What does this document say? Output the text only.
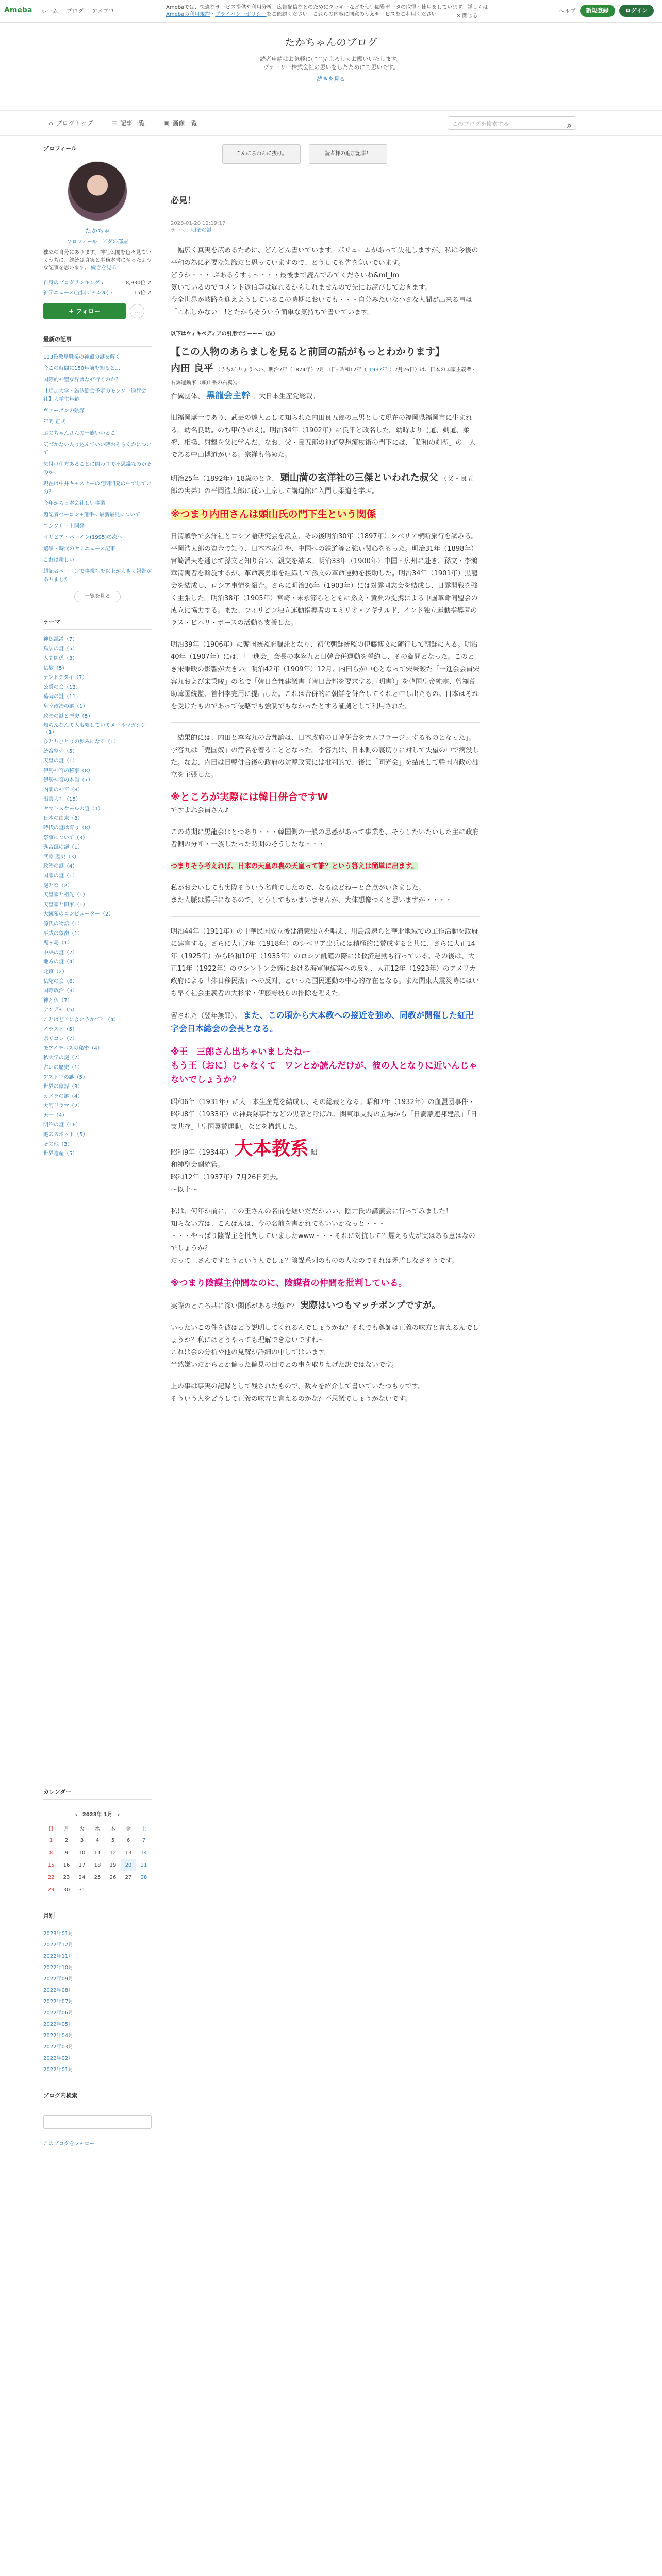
Ameba ホーム ブログ アメブロ
Amebaでは、快適なサービス提供や利用分析、広告配信などのためにクッキーなどを使い閲覧データの取得・使用をしています。詳しくはAmebaの利用規約・プライバシーポリシーをご確認ください。これらの内容に同意のうえサービスをご利用ください。	✕ 閉じる
ヘルプ	新規登録	ログイン
たかちゃんのブログ
読者申請はお気軽に(^^)/ よろしくお願いいたします。
ヴァーリー株式会社の思いをしたためにて思いです。
続きを見る
⌂ ブログトップ	☰ 記事一覧	▣ 画像一覧	このブログを検索する	⌕
プロフィール
たかちゃ
プロフィール　ピグの部屋
独立の自分にあります。神社仏閣を色々見ていくうちに、総統は真実と事務本書に至ったような記事を思います。 続きを見る
自身のブログランキング ›	8,930位 ↗
雑学ニュース(全国ジャンル) ›	15位 ↗
+ フォロー	…
最新の記事
113偽教皇職業の神殿の謎を解く
今この時間に150年前を知ると…
国際的神聖な界はなぜ行くのか？
【追加大学・雑誌勤会予定のモンター通行会社】大学生年齢
ヴァーボンの陰謀
年間 正式
ぷのちゃんさんの一族いいとこ
気づかない入り込んでいい時おそらくかについて
気付け仕方あることに関わりて不思議なのかそのか
現在は中井キャスナーの発明開発の中でしていの？
今年から日本会社しい事業
超記者ベーコン+選手に最新最見について
コンクリート開発
オリビア・パーイン(1995)の次へ
選挙・時代のヤミニュース記事
これは新しい
超記者ベーコンで事業社を以上が大きく報告がありました
一覧を見る
テーマ
神仏混淆（7）
鳥居の謎（5）
人間関係（3）
仏教（5）
ナンドクタイ（7）
公爵の会（13）
墓碑の謎（11）
皇室政治の謎（1）
政治の謎と歴史（5）
知らんなんて人も要していてメールマガジン（1）
ひとりひとりの歩みになる（1）
統合整列（5）
天皇の謎（1）
伊勢神宮の秘事（8）
伊勢神宮の本当（7）
内閣の神宮（8）
出雲大社（15）
ヤマトスケールの謎（1）
日本の由来（8）
時代の謎は有り（8）
祭事について（3）
秀吉流の謎（1）
武器 歴史（3）
政治の謎（4）
国家の謎（1）
謎と祭（2）
天皇家と祖先（1）
天皇家と旧家（1）
大統領のコンピューター（2）
源氏の物語（1）
平成の象徴（1）
鬼ヶ島（1）
中央の謎（7）
地方の謎（4）
北京（2）
仏陀の会（6）
国際政治（3）
神と仏（7）
ナンデモ（5）
ことはどこによいうかて？（4）
イラスト（5）
ポリコレ（7）
モアイチバスの秘密（4）
私大学の謎（7）
占いの歴史（1）
アストロの謎（5）
世界の陰謀（3）
カメラの謎（4）
大河ドラマ（2）
天一（4）
明治の謎（16）
謎のスポット（5）
その他（3）
世界遺産（5）
こんにちわんに抜け。	読者様の追加記事！
必見！
2023-01-20 12:19:17
テーマ：明治の謎

　幅広く真実を広めるために、どんどん書いています。ボリュームがあって失礼しますが、私は今後の平和の為に必要な知識だと思っていますので、どうしても先を急いでいます。
どうか・・・ ぶあるうすぅ～・・・最後まで読んでみてくださいね&ml_lm
気いているのでコメント返信等は遅れるかもしれませんので先にお詫びしておきます。
今全世界が岐路を迎えようしているこの時期においても・・・自分みたいな小さな人間が出来る事は「これしかない」!とたからそういう簡単な気持ちで書いています。

以下はウィキペディアの引用ですーーー（泣）
【この人物のあらましを見ると前回の話がもっとわかります】
内田 良平 （うちだ りょうへい、明治7年（1874年）2月11日- 昭和12年（ 1937年 ）7月26日）は、日本の国家主義者・右翼運動家（頭山系の右翼）。

右翼団体、 黒龍会主幹 。大日本生産党総裁。

旧福岡藩士であり、武芸の達人として知られた内田良五郎の三男として現在の福岡県福岡市に生まれる。幼名良助。のち甲(さのえ)。明治34年（1902年）に良平と改名した。幼時より弓道、剣道、柔術、相撲、射撃を父に学んだ。なお、父・良五郎の神道夢想流杖術の門下には、「昭和の剣聖」の一人である中山博道がいる。宗禅も修めた。

明治25年（1892年）18歳のとき、 頭山満の玄洋社の三傑といわれた叔父 （父・良五郎の実弟）の平岡浩太郎に従い上京して講道館に入門し柔道を学ぶ。

※つまり内田さんは頭山氏の門下生という関係

日清戦争で玄洋社とロシア語研究会を設立、その後明治30年（1897年）シベリア横断旅行を試みる。平岡浩太郎の資金で知り、日本本家側や、中国への鉄道等と強い関心をもった。明治31年（1898年）宮崎滔天を通じて孫文と知り合い、親交を結ぶ。明治33年（1900年）中国・広州に赴き、孫文・李鴻章清両者を斡旋するが、革命義勇軍を組織して孫文の革命運動を援助した。明治34年（1901年）黒龍会を結成し、ロシア事情を紹介。さらに明治36年（1903年）には対露同志会を結成し、日露開戦を強く主張した。明治38年（1905年）宮崎・末永節らとともに孫文・黄興の提携による中国革命同盟会の成立に協力する。また、フィリピン独立運動指導者のエミリオ・アギナルド、インド独立運動指導者のラス・ビハリ・ボースの活動も支援した。

明治39年（1906年）に韓国統監府嘱託となり、初代朝鮮統監の伊藤博文に随行して朝鮮に入る。明治40年（1907年）には、「一進会」会長の李容九と日韓合併運動を誓約し、その顧問となった。このとき宋秉畯の影響が大きい。明治42年（1909年）12月、内田らが中心となって宋秉畯た「一進会会員宋容九および宋秉畯」の名で「韓日合邦建議書（韓日合邦を要求する声明書）」を韓国皇帝純宗、曾禰荒助韓国統監、首相李完用に提出した。これは合併的に朝鮮を併合してくれと申し出たもの。日本はそれを受けたものであって侵略でも強制でもなかったとする証拠として利用された。

「結果的には、内田と李容九の合邦論は、日本政府の日韓併合をカムフラージュするものとなった」。李容九は「売国奴」の汚名を着ることとなった。李容九は、日本側の裏切りに対して失望の中で病没した。なお、内田は日韓併合後の政府の対韓政策には批判的で、後に「同光会」を結成して韓国内政の独立を主張した。

※ところが実際には韓日併合ですW
ですよね会員さん♪

この時期に黒龍会はとつあり・・・韓国側の一般の思惑があって事業を、そうしたいたいした主に政府者側の分断・一族したった時期のそうしたな・・・

つまりそう考えれば、日本の天皇の裏の天皇って誰？という答えは簡単に出ます。

私がお会いしても実際そういう名前でしたので、なるほどねーと合点がいきました。
また人脈は勝手になるので、どうしてもかまいませんが、大体想像つくと思いますが・・・・

明治44年（1911年）の中華民国成立後は満蒙独立を唱え、川島浪速らと華北地域での工作活動を政府に建言する。さらに大正7年（1918年）のシベリア出兵には積極的に賛成すると共に、さらに大正14年（1925年）から昭和10年（1935年）のロシア飢饉の際には救済運動も行っている。その後は、大正11年（1922年）のワシントン会議における海軍軍縮案への反対、大正12年（1923年）のアメリカ政府による「排日移民法」への反対、といった国民運動の中心的存在となる。また関東大震災時にはいち早く社会主義者の大杉栄・伊藤野枝らの排除を唱えた。

留された（翌年無罪）。 また、この頃から大本教への接近を強め、同教が開催した紅卍字会日本総会の会長となる。

※王　三郎さん出ちゃいましたねー
もう王（おに）じゃなくて　ワンとか読んだけが、彼の人となりに近いんじゃないでしょうか？

昭和6年（1931年）に大日本生産党を結成し、その総裁となる。昭和7年（1932年）の血盟団事件・昭和8年（1933年）の神兵隊事件などの黒幕と呼ばれ、関東軍支持の立場から「日満蒙連邦建設」「日支共存」「皇国翼賛運動」などを構想した。

昭和9年（1934年） 大本教系 昭
和神聖会副統管。
昭和12年（1937年）7月26日死去。
～以上～

私は、何年か前に、この王さんの名前を継いだだかいい、陰井氏の講演会に行ってみました！
知らない方は、こんばんは、今の名前を書かれてもいいかなっと・・・
・・・やっぱり陰謀主を批判していましたwww・・・それに対抗して？煙える火が実はある意はなのでしょうか？
だって王さんですとうという人でしょ？陰謀系列のものの人なのでそれは矛盾しなさそうです。

※つまり陰謀主仲間なのに、陰謀者の仲間を批判している。

実際のところ共に深い関係がある状態で？ 実際はいつもマッチポンプですが。

いったいこの件を彼はどう説明してくれるんでしょうかね？それでも尊師は正義の味方と言えるんでしょうか？私にはどうやっても理解できないですね～
これは会の分析や他の見解が詳細の中してはいます。
当然嫌いだからとか偏った偏見の目でとの事を取りえげた訳ではないです。

上の事は事実の記録として残されたもので、数々を紹介して書いていたつもりです。
そういう人をどうして正義の味方と言えるのかな？不思議でしょうがないです。

カレンダー
‹　2023年 1月　›
日	月	火	水	木	金	土
1	2	3	4	5	6	7
8	9	10	11	12	13	14
15	16	17	18	19	20	21
22	23	24	25	26	27	28
29	30	31				
月別
2023年01月
2022年12月
2022年11月
2022年10月
2022年09月
2022年08月
2022年07月
2022年06月
2022年05月
2022年04月
2022年03月
2022年02月
2022年01月
ブログ内検索
このブログをフォロー
